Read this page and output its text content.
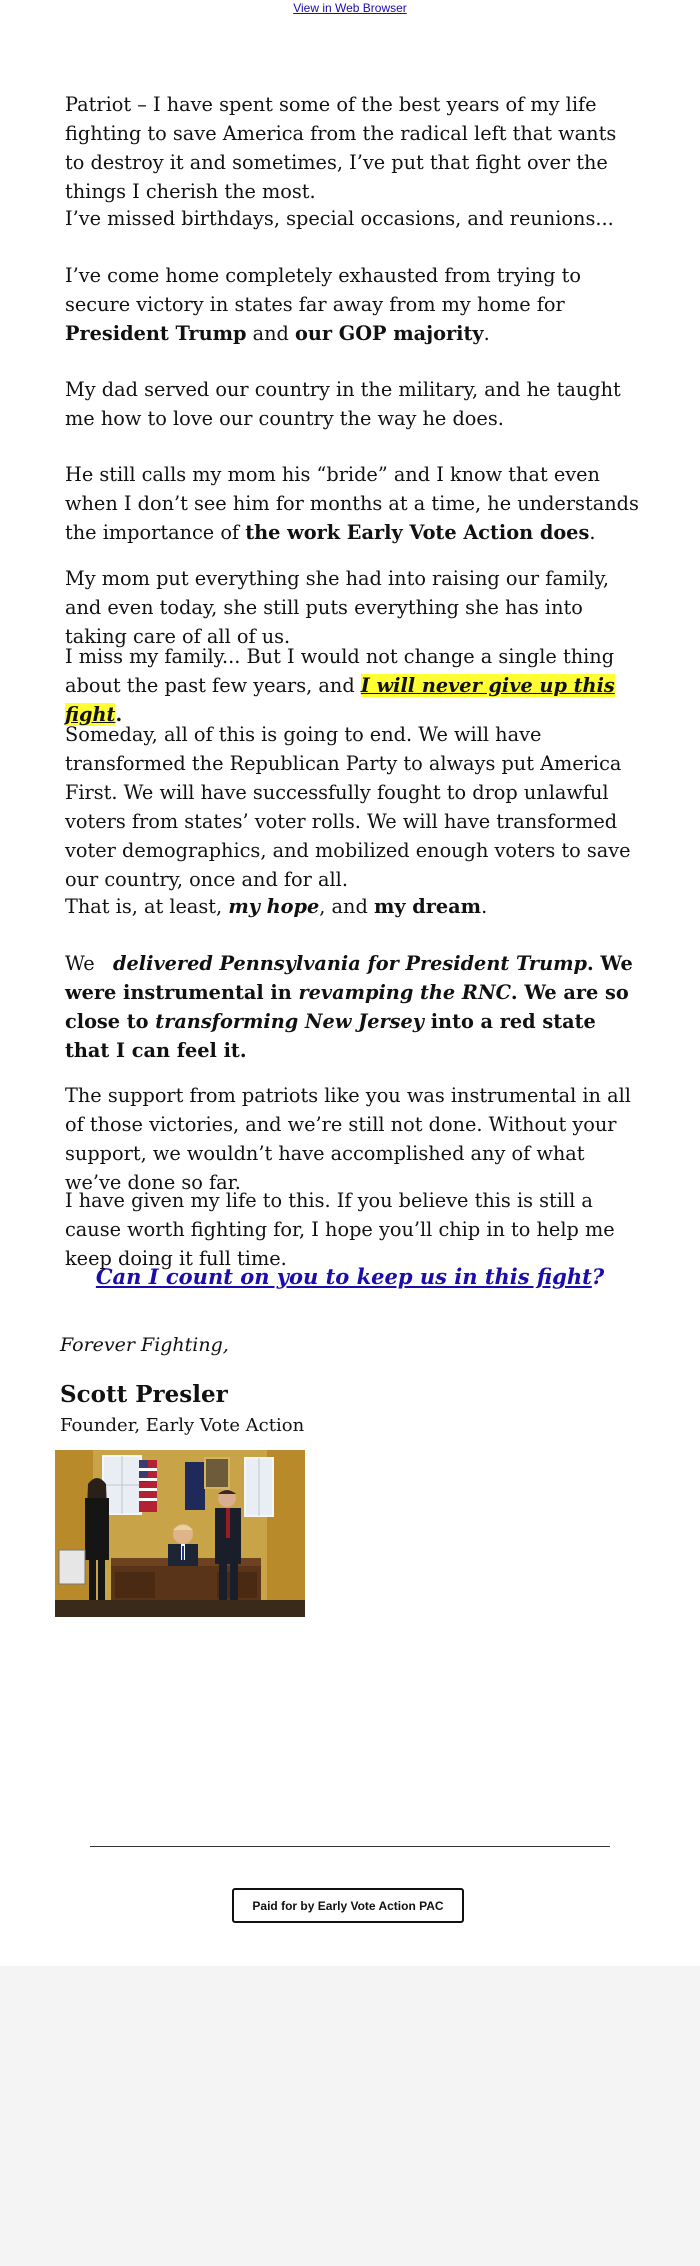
View in Web Browser

Patriot – I have spent some of the best years of my life fighting to save America from the radical left that wants to destroy it and sometimes, I’ve put that fight over the things I cherish the most.

I’ve missed birthdays, special occasions, and reunions...

I’ve come home completely exhausted from trying to secure victory in states far away from my home for President Trump and our GOP majority.

My dad served our country in the military, and he taught me how to love our country the way he does.

He still calls my mom his “bride” and I know that even when I don’t see him for months at a time, he understands the importance of the work Early Vote Action does.

My mom put everything she had into raising our family, and even today, she still puts everything she has into taking care of all of us.

I miss my family... But I would not change a single thing about the past few years, and I will never give up this fight.

Someday, all of this is going to end. We will have transformed the Republican Party to always put America First. We will have successfully fought to drop unlawful voters from states’ voter rolls. We will have transformed voter demographics, and mobilized enough voters to save our country, once and for all.

That is, at least, my hope, and my dream.

We   delivered Pennsylvania for President Trump. We were instrumental in revamping the RNC. We are so close to transforming New Jersey into a red state that I can feel it.

The support from patriots like you was instrumental in all of those victories, and we’re still not done. Without your support, we wouldn’t have accomplished any of what we’ve done so far.

I have given my life to this. If you believe this is still a cause worth fighting for, I hope you’ll chip in to help me keep doing it full time.

Can I count on you to keep us in this fight?
Forever Fighting,
Scott Presler
Founder, Early Vote Action
Paid for by Early Vote Action PAC
